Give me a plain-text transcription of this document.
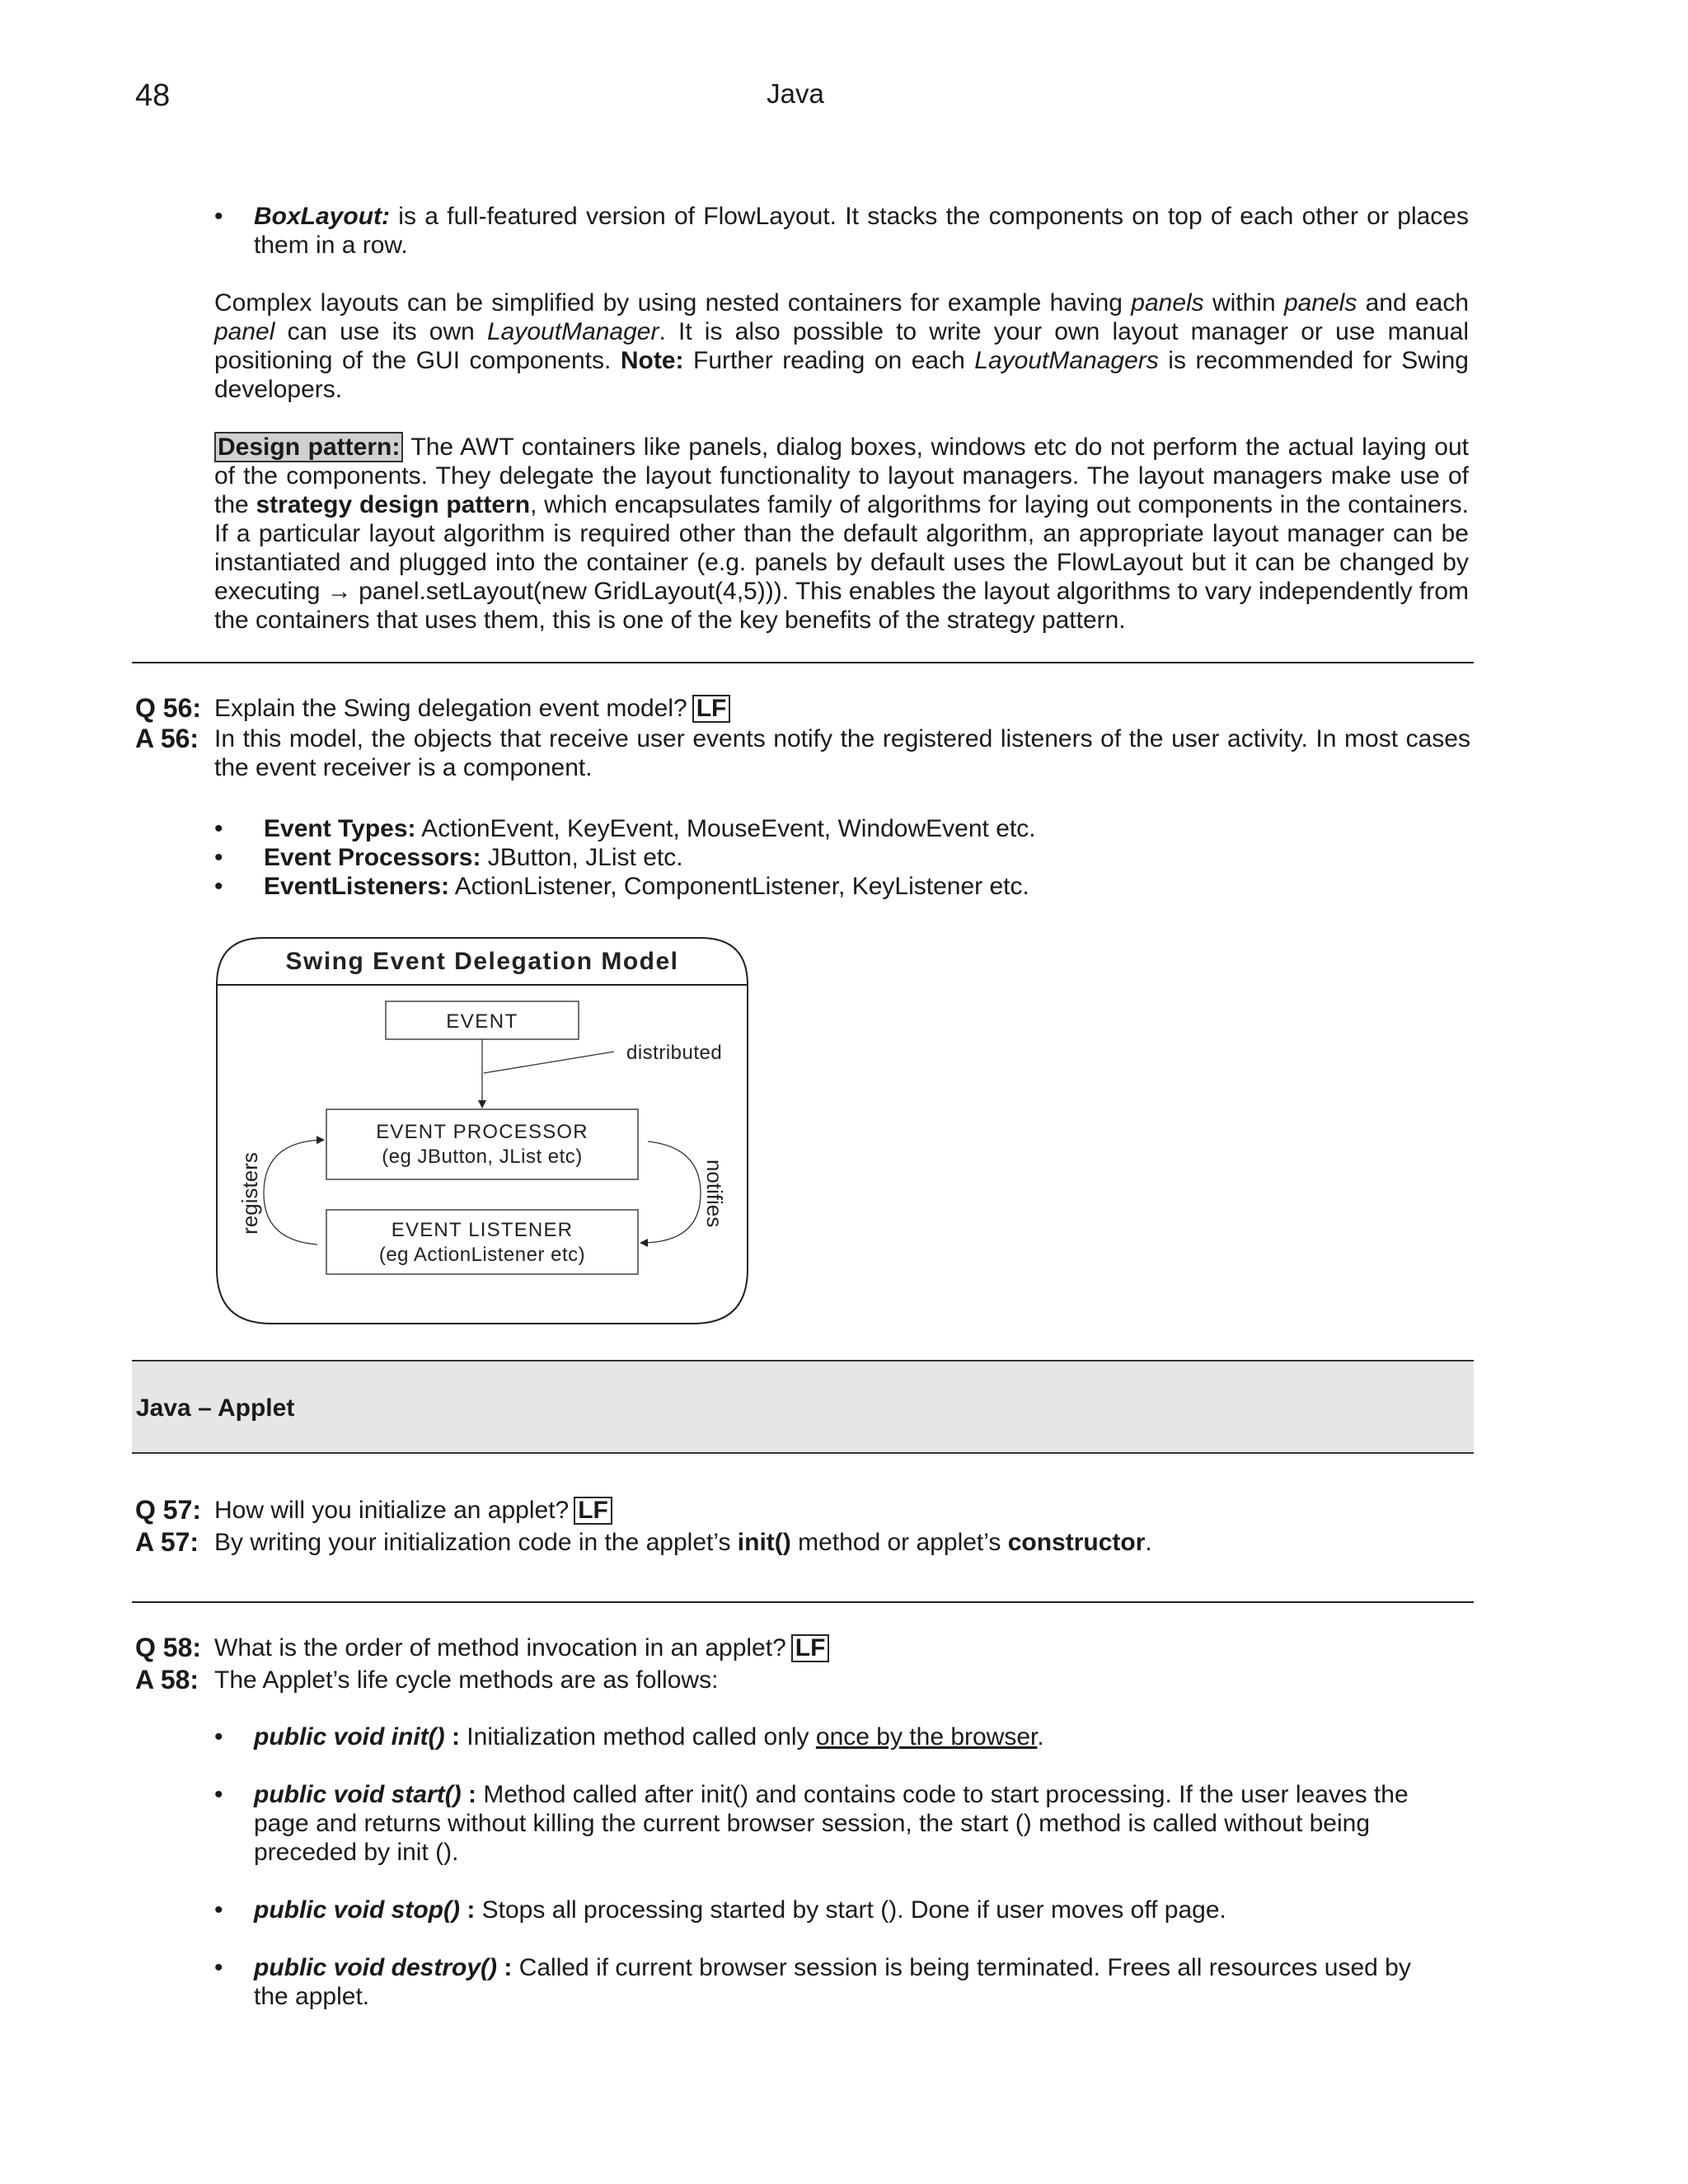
48	Java
• BoxLayout: is a full-featured version of FlowLayout. It stacks the components on top of each other or places them in a row.
Complex layouts can be simplified by using nested containers for example having panels within panels and each panel can use its own LayoutManager. It is also possible to write your own layout manager or use manual positioning of the GUI components. Note: Further reading on each LayoutManagers is recommended for Swing developers.
Design pattern: The AWT containers like panels, dialog boxes, windows etc do not perform the actual laying out of the components. They delegate the layout functionality to layout managers. The layout managers make use of the strategy design pattern, which encapsulates family of algorithms for laying out components in the containers. If a particular layout algorithm is required other than the default algorithm, an appropriate layout manager can be instantiated and plugged into the container (e.g. panels by default uses the FlowLayout but it can be changed by executing → panel.setLayout(new GridLayout(4,5))). This enables the layout algorithms to vary independently from the containers that uses them, this is one of the key benefits of the strategy pattern.
Q 56: Explain the Swing delegation event model? LF
A 56: In this model, the objects that receive user events notify the registered listeners of the user activity. In most cases the event receiver is a component.
• Event Types: ActionEvent, KeyEvent, MouseEvent, WindowEvent etc.
• Event Processors: JButton, JList etc.
• EventListeners: ActionListener, ComponentListener, KeyListener etc.
Swing Event Delegation Model
EVENT
distributed
EVENT PROCESSOR
(eg JButton, JList etc)
EVENT LISTENER
(eg ActionListener etc)
registers	notifies
Java – Applet
Q 57: How will you initialize an applet? LF
A 57: By writing your initialization code in the applet’s init() method or applet’s constructor.
Q 58: What is the order of method invocation in an applet? LF
A 58: The Applet’s life cycle methods are as follows:
• public void init() : Initialization method called only once by the browser.
• public void start() : Method called after init() and contains code to start processing. If the user leaves the page and returns without killing the current browser session, the start () method is called without being preceded by init ().
• public void stop() : Stops all processing started by start (). Done if user moves off page.
• public void destroy() : Called if current browser session is being terminated. Frees all resources used by the applet.
